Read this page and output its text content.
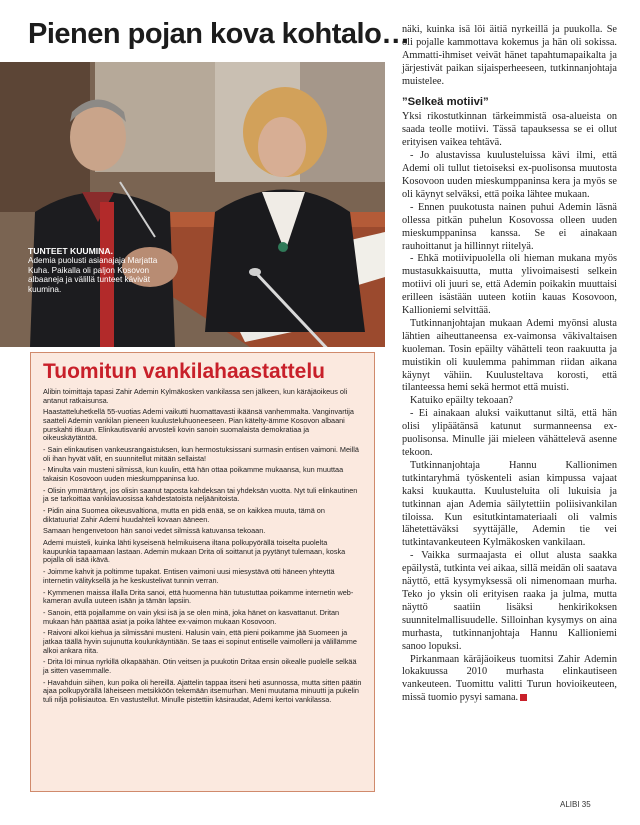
Pienen pojan kova kohtalo…
TUNTEET KUUMINA.
Ademia puolusti asianajaja Marjatta Kuha. Paikalla oli paljon Kosovon albaaneja ja välillä tunteet kävivät kuumina.
Tuomitun vankilahaastattelu

Alibin toimittaja tapasi Zahir Ademin Kylmäkosken vankilassa sen jälkeen, kun käräjäoikeus oli antanut ratkaisunsa.

Haastatteluhetkellä 55-vuotias Ademi vaikutti huomattavasti ikäänsä vanhemmalta. Vanginvartija saatteli Ademin vankilan pieneen kuulusteluhuoneeseen. Pian kätelty-ämme Kosovon albaani purskahti itkuun. Elinkautisvanki arvosteli kovin sanoin suomalaista demokratiaa ja oikeuskäytäntöä.

- Sain elinkautisen vankeusrangaistuksen, kun hermostuksissani surmasin entisen vaimoni. Meillä oli ihan hyvät välit, en suunnitellut mitään sellaista!

- Minulta vain musteni silmissä, kun kuulin, että hän ottaa poikamme mukaansa, kun muuttaa takaisin Kosovoon uuden mieskumppaninsa luo.

- Olisin ymmärtänyt, jos olisin saanut taposta kahdeksan tai yhdeksän vuotta. Nyt tuli elinkautinen ja se tarkoittaa vankilavuosissa kahdestatoista neljäänitoista.

- Pidin aina Suomea oikeusvaltiona, mutta en pidä enää, se on kaikkea muuta, tämä on diktatuuria! Zahir Ademi huudahteli kovaan ääneen.

Samaan hengenvetoon hän sanoi vedet silmissä katuvansa tekoaan.

Ademi muisteli, kuinka lähti kyseisenä helmikuisena iltana polkupyörällä toiselta puolelta kaupunkia tapaamaan lastaan. Ademin mukaan Drita oli soittanut ja pyytänyt tulemaan, koska pojalla oli isää ikävä.

- Joimme kahvit ja poltimme tupakat. Entisen vaimoni uusi miesystävä otti häneen yhteyttä internetin välityksellä ja he keskustelivat tunnin verran.

- Kymmenen maissa illalla Drita sanoi, että huomenna hän tutustuttaa poikamme internetin web-kameran avulla uuteen isään ja tämän lapsiin.

- Sanoin, että pojallamme on vain yksi isä ja se olen minä, joka hänet on kasvattanut. Dritan mukaan hän päättää asiat ja poika lähtee ex-vaimon mukaan Kosovoon.

- Raivoni alkoi kiehua ja silmissäni musteni. Halusin vain, että pieni poikamme jää Suomeen ja jatkaa täällä hyvin sujunutta koulunkäyntiään. Se taas ei sopinut entiselle vaimolleni ja välillämme alkoi ankara riita.

- Drita löi minua nyrkillä olkapäähän. Otin veitsen ja puukotin Dritaa ensin oikealle puolelle selkää ja sitten vasemmalle.

- Havahduin siihen, kun poika oli hereillä. Ajattelin tappaa itseni heti asunnossa, mutta sitten päätin ajaa polkupyörällä läheiseen metsikköön tekemään itsemurhan. Meni muutama minuutti ja pukelin tuli niljä poliisiautoa. En vastustellut. Minulle pistettiin käsiraudat, Ademi kertoi vankilassa.

näki, kuinka isä löi äitiä nyrkeillä ja puukolla. Se oli pojalle kammottava kokemus ja hän oli sokissa. Ammatti-ihmiset veivät hänet tapahtumapaikalta ja järjestivät paikan sijaisperheeseen, tutkinnanjohtaja muistelee.

”Selkeä motiivi”

Yksi rikostutkinnan tärkeimmistä osa-alueista on saada teolle motiivi. Tässä tapauksessa se ei ollut erityisen vaikea tehtävä.

- Jo alustavissa kuulusteluissa kävi ilmi, että Ademi oli tullut tietoiseksi ex-puolisonsa muutosta Kosovoon uuden mieskumppaninsa kera ja myös se oli käynyt selväksi, että poika lähtee mukaan.

- Ennen puukotusta nainen puhui Ademin läsnä ollessa pitkän puhelun Kosovossa olleen uuden mieskumppaninsa kanssa. Se ei ainakaan rauhoittanut ja hillinnyt riitelyä.

- Ehkä motiivipuolella oli hieman mukana myös mustasukkaisuutta, mutta ylivoimaisesti selkein motiivi oli juuri se, että Ademin poikakin muuttaisi erilleen isästään uuteen kotiin kauas Kosovoon, Kallioniemi selvittää.

Tutkinnanjohtajan mukaan Ademi myönsi alusta lähtien aiheuttaneensa ex-vaimonsa väkivaltaisen kuoleman. Tosin epäilty vähätteli teon raakuutta ja muistikin oli kuulemma pahimman riidan aikana käynyt vähiin. Kuulusteltava korosti, että tilanteessa hemi sekä hermot että muisti.

Katuiko epäilty tekoaan?

- Ei ainakaan aluksi vaikuttanut siltä, että hän olisi ylipäätänsä katunut surmanneensa ex-puolisonsa. Minulle jäi mieleen vähättelevä asenne tekoon.

Tutkinnanjohtaja Hannu Kallionimen tutkintaryhmä työskenteli asian kimpussa vajaat kaksi kuukautta. Kuulusteluita oli lukuisia ja tutkinnan ajan Ademia säilytettiin poliisivankilan tiloissa. Kun esitutkintamateriaali oli valmis lähetettäväksi syyttäjälle, Ademin tie vei tutkintavankeuteen Kylmäkosken vankilaan.

- Vaikka surmaajasta ei ollut alusta saakka epäilystä, tutkinta vei aikaa, sillä meidän oli saatava näyttö, että kysymyksessä oli nimenomaan murha. Teko jo yksin oli erityisen raaka ja julma, mutta näyttö saatiin lisäksi henkirikoksen suunnitelmallisuudelle. Silloinhan kysymys on aina murhasta, tutkinnanjohtaja Hannu Kallioniemi sanoo lopuksi.

Pirkanmaan käräjäoikeus tuomitsi Zahir Ademin lokakuussa 2010 murhasta elinkautiseen vankeuteen. Tuomittu valitti Turun hovioikeuteen, missä tuomio pysyi samana.

ALIBI 35
